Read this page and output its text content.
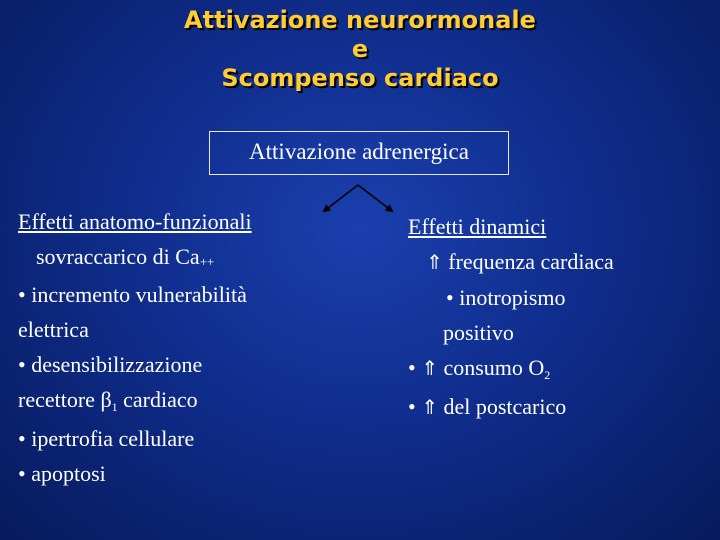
Attivazione neurormonale
e
Scompenso cardiaco
Attivazione adrenergica
Effetti anatomo-funzionali
sovraccarico di Ca++
• incremento vulnerabilità
elettrica
• desensibilizzazione
recettore β1 cardiaco
• ipertrofia cellulare
• apoptosi
Effetti dinamici
⇑ frequenza cardiaca
• inotropismo
positivo
• ⇑ consumo O2
• ⇑ del postcarico
